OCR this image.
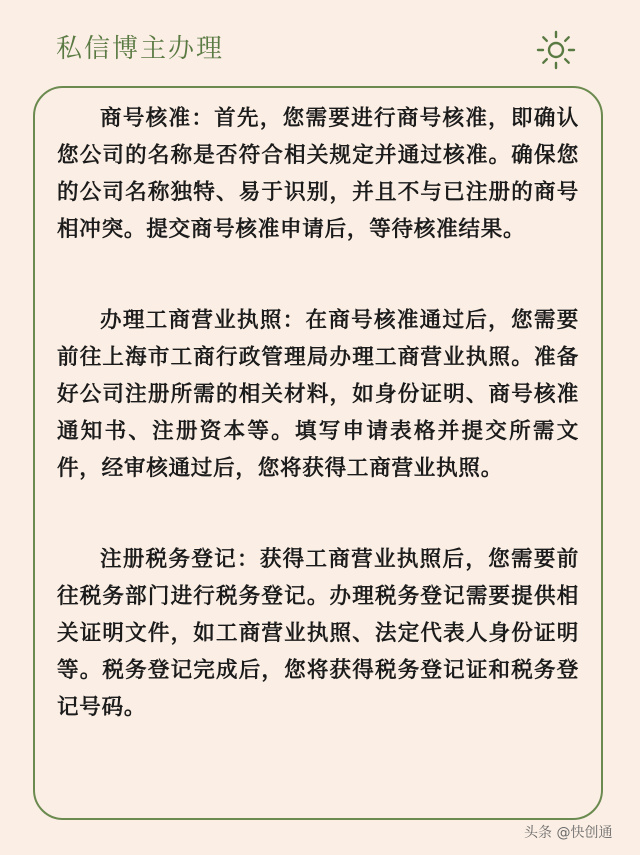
私信博主办理

商号核准：首先，您需要进行商号核准，即确认您公司的名称是否符合相关规定并通过核准。确保您的公司名称独特、易于识别，并且不与已注册的商号相冲突。提交商号核准申请后，等待核准结果。

办理工商营业执照：在商号核准通过后，您需要前往上海市工商行政管理局办理工商营业执照。准备好公司注册所需的相关材料，如身份证明、商号核准通知书、注册资本等。填写申请表格并提交所需文件，经审核通过后，您将获得工商营业执照。

注册税务登记：获得工商营业执照后，您需要前往税务部门进行税务登记。办理税务登记需要提供相关证明文件，如工商营业执照、法定代表人身份证明等。税务登记完成后，您将获得税务登记证和税务登记号码。

头条 @快创通
